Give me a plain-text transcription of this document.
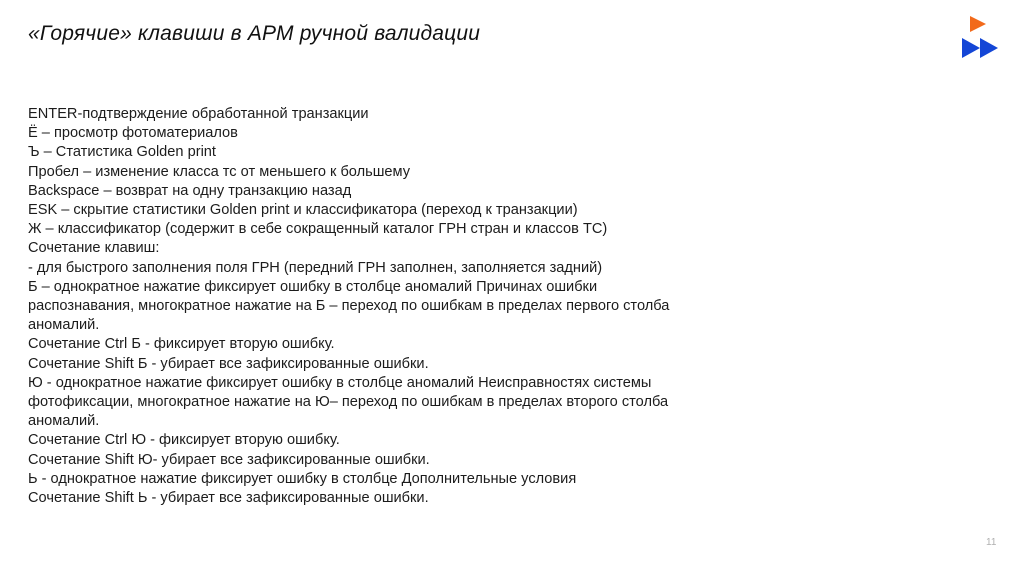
«Горячие» клавиши в АРМ ручной валидации
ENTER-подтверждение обработанной транзакции
Ё – просмотр фотоматериалов
Ъ – Статистика Golden print
Пробел – изменение класса тс от меньшего к большему
Backspace – возврат на одну транзакцию назад
ESK – скрытие статистики Golden print и классификатора (переход к транзакции)
Ж – классификатор (содержит в себе сокращенный каталог ГРН стран и классов ТС)
Сочетание клавиш:
- для быстрого заполнения поля ГРН (передний ГРН заполнен, заполняется задний)
Б – однократное нажатие фиксирует ошибку в столбце аномалий Причинах ошибки
распознавания, многократное нажатие на Б – переход по ошибкам в пределах первого столба
аномалий.
Сочетание Ctrl Б - фиксирует вторую ошибку.
Сочетание Shift Б - убирает все зафиксированные ошибки.
Ю - однократное нажатие фиксирует ошибку в столбце аномалий Неисправностях системы
фотофиксации, многократное нажатие на Ю– переход по ошибкам в пределах второго столба
аномалий.
Сочетание Ctrl Ю - фиксирует вторую ошибку.
Сочетание Shift Ю- убирает все зафиксированные ошибки.
Ь - однократное нажатие фиксирует ошибку в столбце Дополнительные условия
Сочетание Shift Ь - убирает все зафиксированные ошибки.
11
